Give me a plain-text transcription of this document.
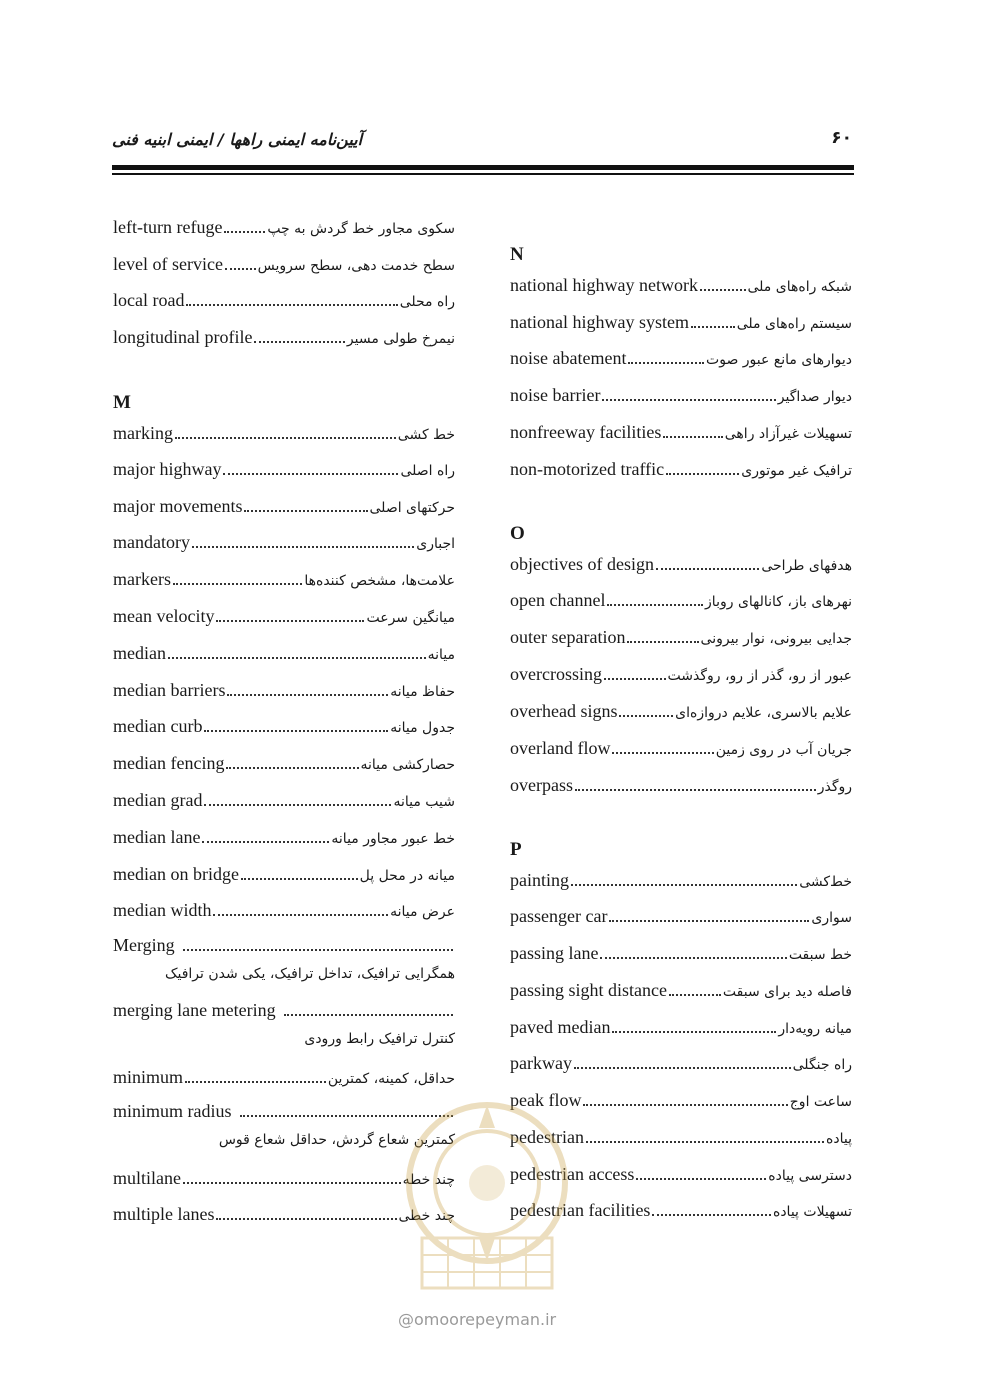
آیین‌نامه ایمنی راهها / ایمنی ابنیه فنی	۶۰
left-turn refuge	سکوی مجاور خط گردش به چپ
level of service سطح خدمت دهی، سطح سرویس
local road	راه محلی
longitudinal profile	نیمرخ طولی مسیر
M
marking	خط کشی
major highway	راه اصلی
major movements	حرکتهای اصلی
mandatory	اجباری
markers	علامت‌ها، مشخص کننده‌ها
mean velocity	میانگین سرعت
median	میانه
median barriers	حفاظ میانه
median curb	جدول میانه
median fencing	حصارکشی میانه
median grad	شیب میانه
median lane	خط عبور مجاور میانه
median on bridge	میانه در محل پل
median width	عرض میانه
Merging
همگرایی ترافیک، تداخل ترافیک، یکی شدن ترافیک
merging lane metering
کنترل ترافیک رابط ورودی
minimum	حداقل، کمینه، کمترین
minimum radius
کمترین شعاع گردش، حداقل شعاع قوس
multilane	چند خطه
multiple lanes	چند خطی
N
national highway network	شبکه راه‌های ملی
national highway system	سیستم راه‌های ملی
noise abatement	دیوارهای مانع عبور صوت
noise barrier	دیوار صداگیر
nonfreeway facilities	تسهیلات غیرآزاد راهی
non-motorized traffic	ترافیک غیر موتوری
O
objectives of design	هدفهای طراحی
open channel	نهرهای باز، کانالهای روباز
outer separation	جدایی بیرونی، نوار بیرونی
overcrossing	عبور از رو، گذر از رو، روگذشت
overhead signs	علایم بالاسری، علایم دروازه‌ای
overland flow	جریان آب در روی زمین
overpass	روگذر
P
painting	خط‌کشی
passenger car	سواری
passing lane	خط سبقت
passing sight distance	فاصله دید برای سبقت
paved median	میانه رویه‌دار
parkway	راه جنگلی
peak flow	ساعت اوج
pedestrian	پیاده
pedestrian access	دسترسی پیاده
pedestrian facilities	تسهیلات پیاده
@omoorepeyman.ir
